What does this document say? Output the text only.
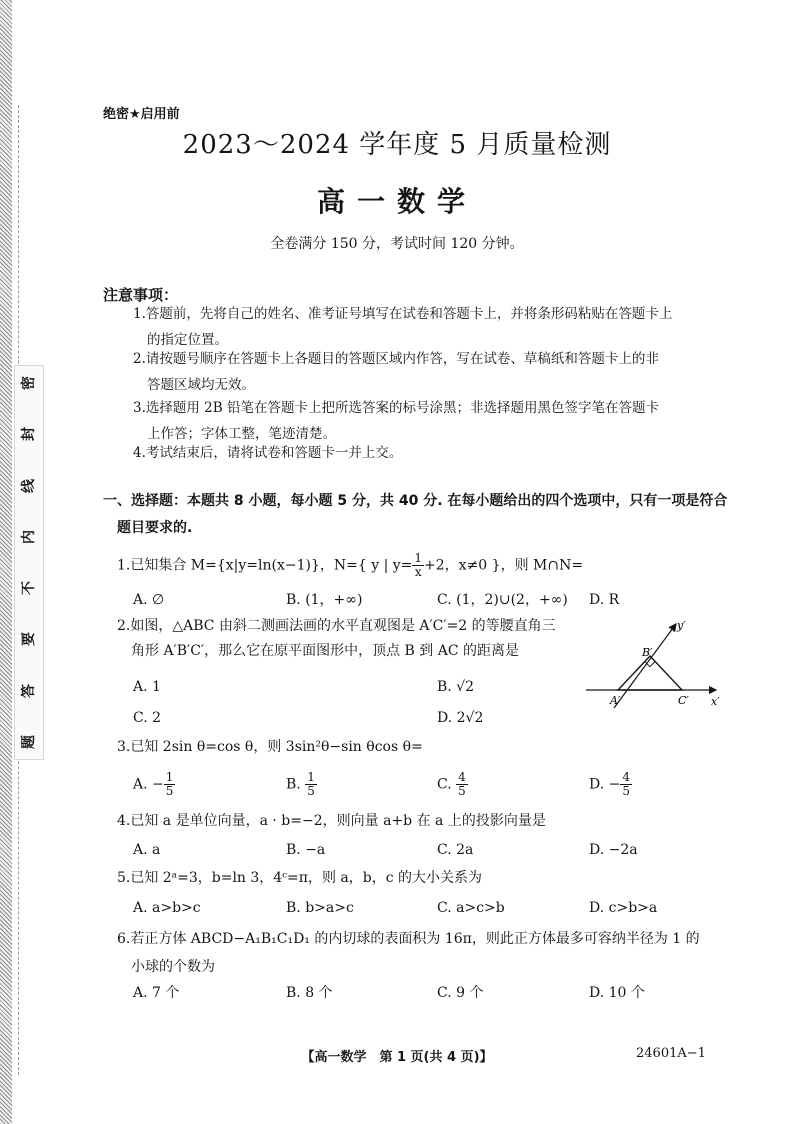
密
封
线
内
不
要
答
题
绝密★启用前
2023～2024 学年度 5 月质量检测
高一数学
全卷满分 150 分，考试时间 120 分钟。
注意事项：
1.答题前，先将自己的姓名、准考证号填写在试卷和答题卡上，并将条形码粘贴在答题卡上
的指定位置。
2.请按题号顺序在答题卡上各题目的答题区域内作答，写在试卷、草稿纸和答题卡上的非
答题区域均无效。
3.选择题用 2B 铅笔在答题卡上把所选答案的标号涂黑；非选择题用黑色签字笔在答题卡
上作答；字体工整，笔迹清楚。
4.考试结束后，请将试卷和答题卡一并上交。
一、选择题：本题共 8 小题，每小题 5 分，共 40 分. 在每小题给出的四个选项中，只有一项是符合
题目要求的.
1.已知集合 M={x|y=ln(x−1)}，N={ y | $y= \frac{1}{x} +2$，x≠0 }，则 M∩N=
A. ∅	B. (1，+∞)	C. (1，2)∪(2，+∞) D. R
2.如图，△ABC 由斜二测画法画的水平直观图是 A′C′=2 的等腰直角三
角形 A′B′C′，那么它在原平面图形中，顶点 B 到 AC 的距离是
A. 1	B. √2
C. 2	D. 2√2
y′
B′
A′	C′ x′
3.已知 2sin θ=cos θ，则 3sin²θ−sin θcos θ=
A. − $\frac{1}{5}$	B. $\frac{1}{5}$	C. $\frac{4}{5}$	D. − $\frac{4}{5}$
4.已知 a 是单位向量，a · b=−2，则向量 a+b 在 a 上的投影向量是
A. a	B. −a	C. 2a	D. −2a
5.已知 2ᵃ=3，b=ln 3，4ᶜ=π，则 a，b，c 的大小关系为
A. a>b>c	B. b>a>c	C. a>c>b	D. c>b>a
6.若正方体 ABCD−A₁B₁C₁D₁ 的内切球的表面积为 16π，则此正方体最多可容纳半径为 1 的
小球的个数为
A. 7 个	B. 8 个	C. 9 个	D. 10 个
【高一数学　第 1 页(共 4 页)】	24601A−1
